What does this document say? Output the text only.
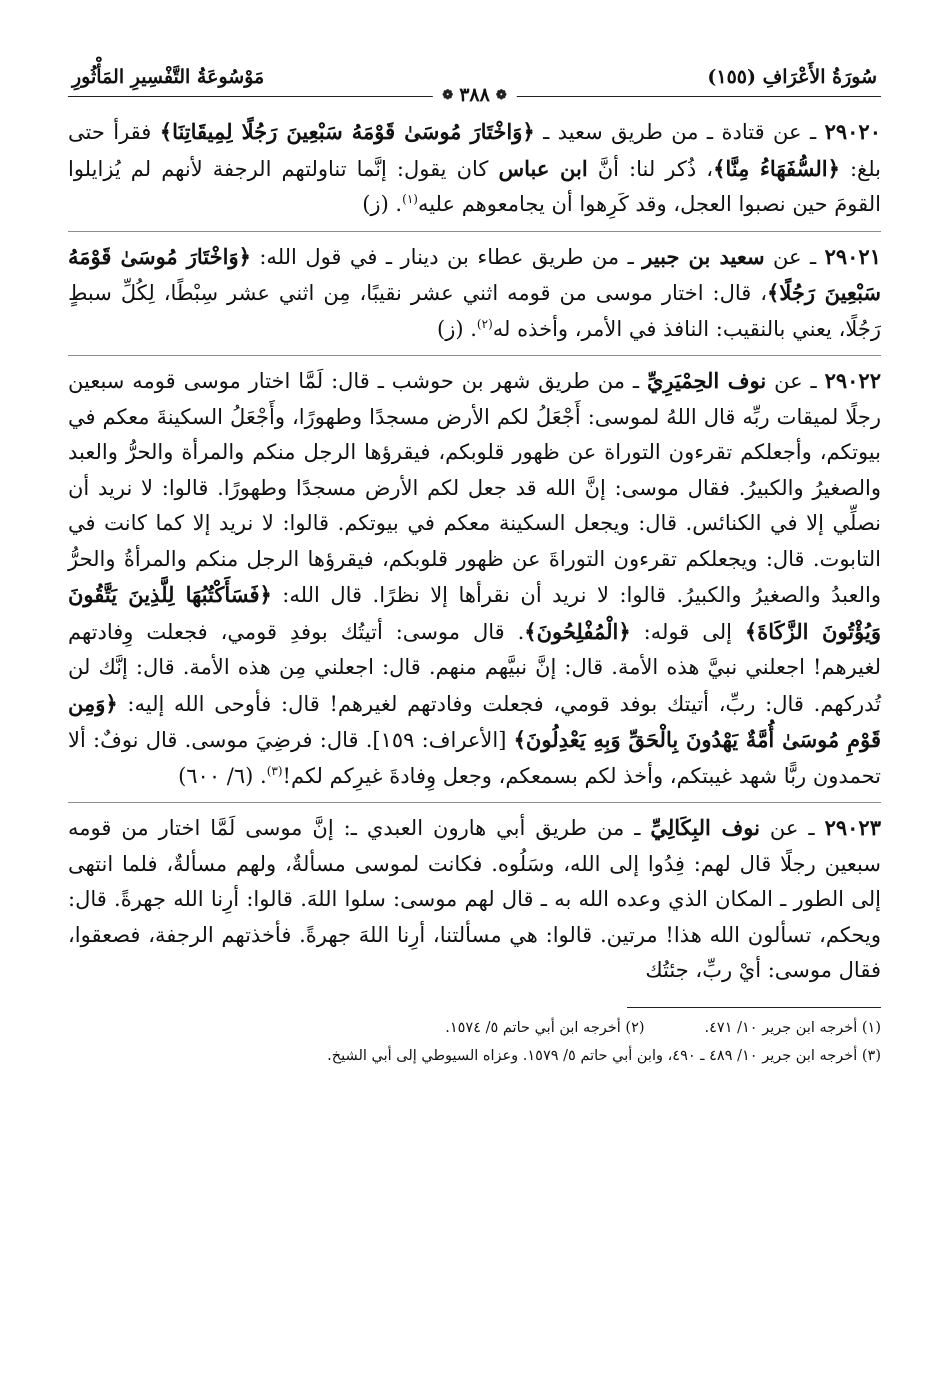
سُورَةُ الأَعْرَافِ (١٥٥)
❁
٣٨٨
❁
مَوْسُوعَةُ التَّفْسِيرِ المَأْثُورِ

٢٩٠٢٠ ـ عن قتادة ـ من طريق سعيد ـ ﴿وَاخْتَارَ مُوسَىٰ قَوْمَهُ سَبْعِينَ رَجُلًا لِمِيقَاتِنَا﴾ فقرأ حتى بلغ: ﴿السُّفَهَاءُ مِنَّا﴾، ذُكر لنا: أنَّ ابن عباس كان يقول: إنَّما تناولتهم الرجفة لأنهم لم يُزايلوا القومَ حين نصبوا العجل، وقد كَرِهوا أن يجامعوهم عليه$^{(١)}$. (ز)

٢٩٠٢١ ـ عن سعيد بن جبير ـ من طريق عطاء بن دينار ـ في قول الله: ﴿وَاخْتَارَ مُوسَىٰ قَوْمَهُ سَبْعِينَ رَجُلًا﴾، قال: اختار موسى من قومه اثني عشر نقيبًا، مِن اثني عشر سِبْطًا، لِكُلِّ سبطٍ رَجُلًا، يعني بالنقيب: النافذ في الأمر، وأخذه له$^{(٢)}$. (ز)

٢٩٠٢٢ ـ عن نوف الحِمْيَرِيِّ ـ من طريق شهر بن حوشب ـ قال: لَمَّا اختار موسى قومه سبعين رجلًا لميقات ربِّه قال اللهُ لموسى: أَجْعَلُ لكم الأرض مسجدًا وطهورًا، وأَجْعَلُ السكينةَ معكم في بيوتكم، وأجعلكم تقرءون التوراة عن ظهور قلوبكم، فيقرؤها الرجل منكم والمرأة والحرُّ والعبد والصغيرُ والكبيرُ. فقال موسى: إنَّ الله قد جعل لكم الأرض مسجدًا وطهورًا. قالوا: لا نريد أن نصلِّي إلا في الكنائس. قال: ويجعل السكينة معكم في بيوتكم. قالوا: لا نريد إلا كما كانت في التابوت. قال: ويجعلكم تقرءون التوراةَ عن ظهور قلوبكم، فيقرؤها الرجل منكم والمرأةُ والحرُّ والعبدُ والصغيرُ والكبيرُ. قالوا: لا نريد أن نقرأها إلا نظرًا. قال الله: ﴿فَسَأَكْتُبُهَا لِلَّذِينَ يَتَّقُونَ وَيُؤْتُونَ الزَّكَاةَ﴾ إلى قوله: ﴿الْمُفْلِحُونَ﴾. قال موسى: أتيتُك بوفدِ قومي، فجعلت وِفادتهم لغيرهم! اجعلني نبيَّ هذه الأمة. قال: إنَّ نبيَّهم منهم. قال: اجعلني مِن هذه الأمة. قال: إنَّك لن تُدركهم. قال: ربِّ، أتيتك بوفد قومي، فجعلت وفادتهم لغيرهم! قال: فأوحى الله إليه: ﴿وَمِن قَوْمِ مُوسَىٰ أُمَّةٌ يَهْدُونَ بِالْحَقِّ وَبِهِ يَعْدِلُونَ﴾ [الأعراف: ١٥٩]. قال: فرضِيَ موسى. قال نوفٌ: ألا تحمدون ربًّا شهد غيبتكم، وأخذ لكم بسمعكم، وجعل وِفادةَ غيرِكم لكم!$^{(٣)}$. (٦/ ٦٠٠)

٢٩٠٢٣ ـ عن نوف البِكَالِيِّ ـ من طريق أبي هارون العبدي ـ: إنَّ موسى لَمَّا اختار من قومه سبعين رجلًا قال لهم: فِدُوا إلى الله، وسَلُوه. فكانت لموسى مسألةٌ، ولهم مسألةٌ، فلما انتهى إلى الطور ـ المكان الذي وعده الله به ـ قال لهم موسى: سلوا اللهَ. قالوا: أرِنا الله جهرةً. قال: ويحكم، تسألون الله هذا! مرتين. قالوا: هي مسألتنا، أرِنا اللهَ جهرةً. فأخذتهم الرجفة، فصعقوا، فقال موسى: أيْ ربِّ، جئتُك

(١) أخرجه ابن جرير ١٠/ ٤٧١.
(٢) أخرجه ابن أبي حاتم ٥/ ١٥٧٤.
(٣) أخرجه ابن جرير ١٠/ ٤٨٩ ـ ٤٩٠، وابن أبي حاتم ٥/ ١٥٧٩. وعزاه السيوطي إلى أبي الشيخ.
